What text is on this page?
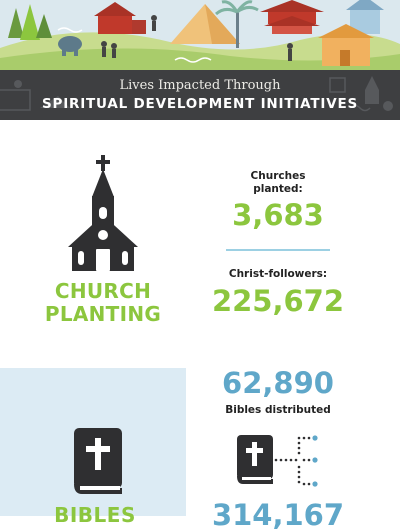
Lives Impacted Through
SPIRITUAL DEVELOPMENT INITIATIVES
CHURCH
PLANTING
Churches
planted:
3,683
Christ-followers:
225,672
BIBLES
62,890
Bibles distributed
314,167
